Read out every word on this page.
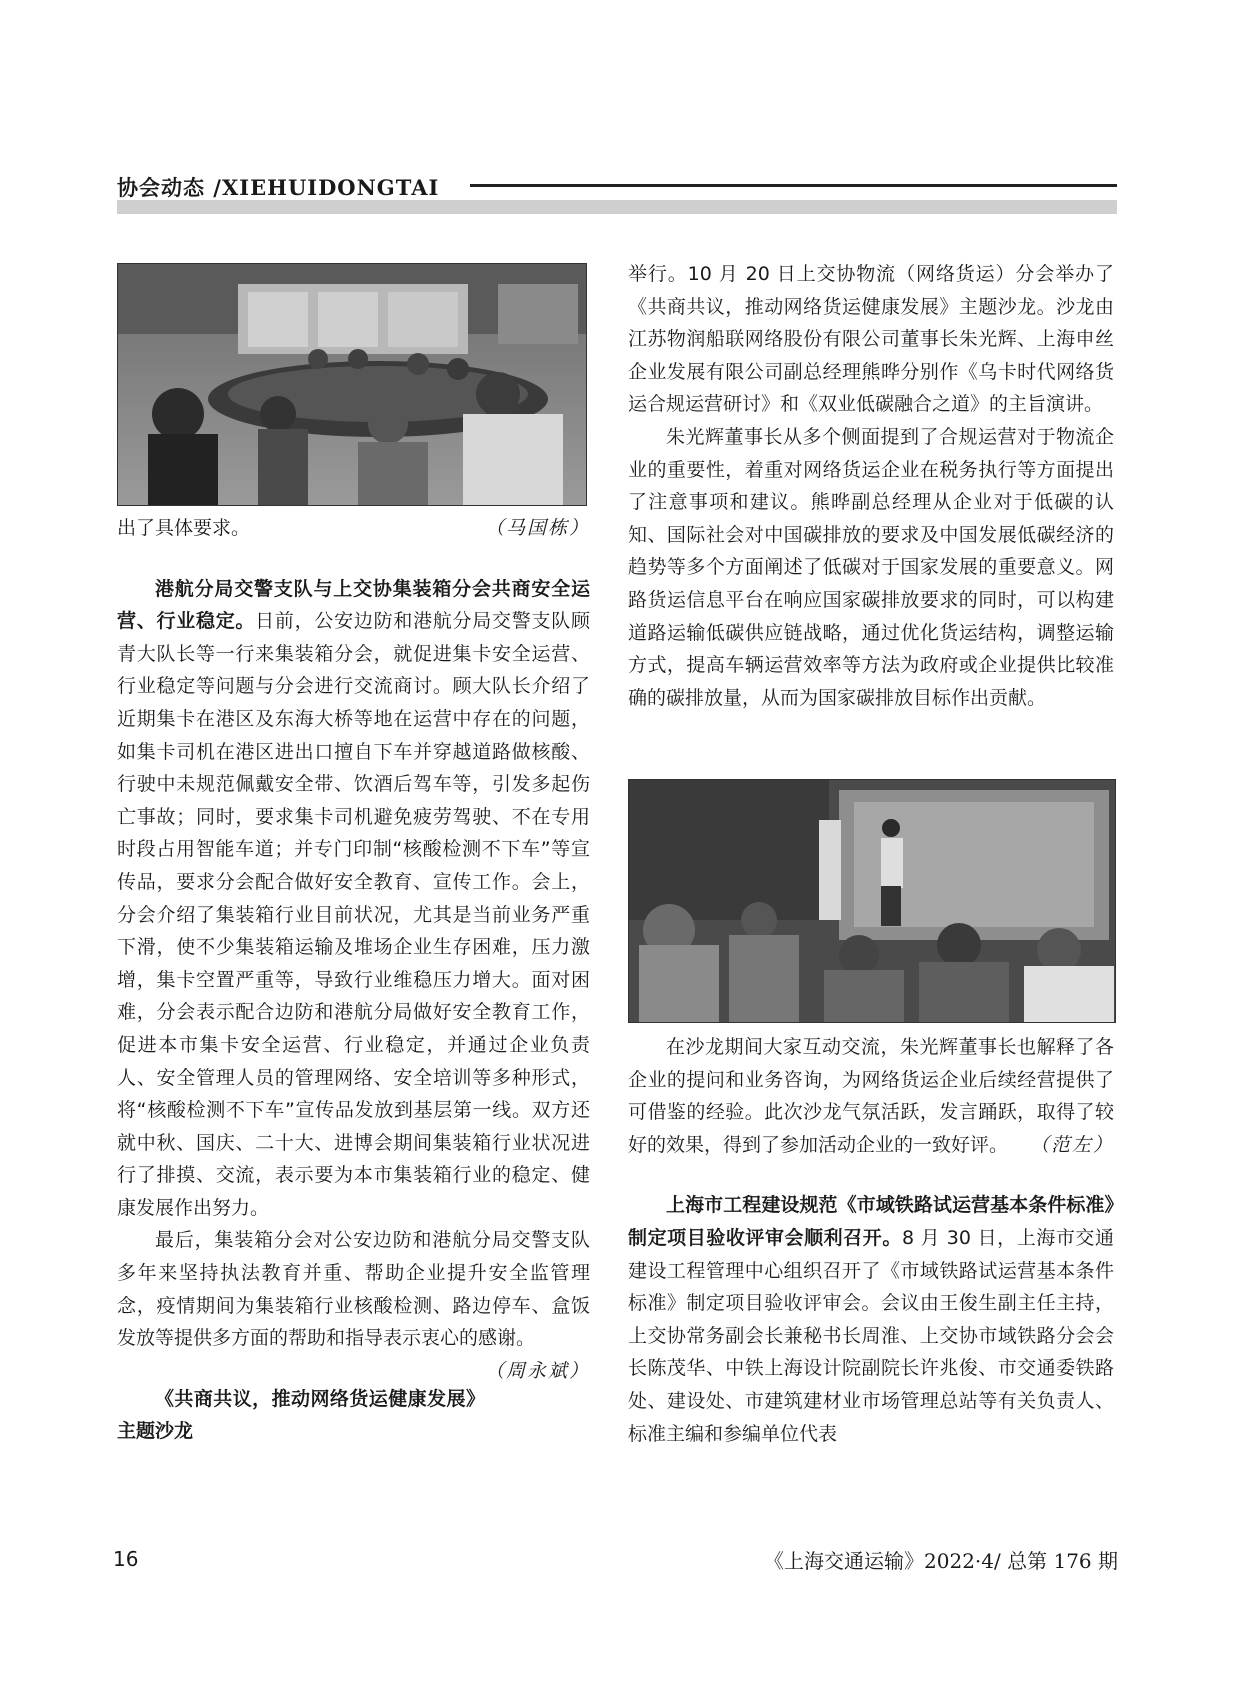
协会动态 /XIEHUIDONGTAI

出了具体要求。	（马国栋）

港航分局交警支队与上交协集装箱分会共商安全运营、行业稳定。日前，公安边防和港航分局交警支队顾青大队长等一行来集装箱分会，就促进集卡安全运营、行业稳定等问题与分会进行交流商讨。顾大队长介绍了近期集卡在港区及东海大桥等地在运营中存在的问题，如集卡司机在港区进出口擅自下车并穿越道路做核酸、行驶中未规范佩戴安全带、饮酒后驾车等，引发多起伤亡事故；同时，要求集卡司机避免疲劳驾驶、不在专用时段占用智能车道；并专门印制“核酸检测不下车”等宣传品，要求分会配合做好安全教育、宣传工作。会上，分会介绍了集装箱行业目前状况，尤其是当前业务严重下滑，使不少集装箱运输及堆场企业生存困难，压力激增，集卡空置严重等，导致行业维稳压力增大。面对困难，分会表示配合边防和港航分局做好安全教育工作，促进本市集卡安全运营、行业稳定，并通过企业负责人、安全管理人员的管理网络、安全培训等多种形式，将“核酸检测不下车”宣传品发放到基层第一线。双方还就中秋、国庆、二十大、进博会期间集装箱行业状况进行了排摸、交流，表示要为本市集装箱行业的稳定、健康发展作出努力。

最后，集装箱分会对公安边防和港航分局交警支队多年来坚持执法教育并重、帮助企业提升安全监管理念，疫情期间为集装箱行业核酸检测、路边停车、盒饭发放等提供多方面的帮助和指导表示衷心的感谢。
（周永斌）

《共商共议，推动网络货运健康发展》主题沙龙

举行。10 月 20 日上交协物流（网络货运）分会举办了《共商共议，推动网络货运健康发展》主题沙龙。沙龙由江苏物润船联网络股份有限公司董事长朱光辉、上海申丝企业发展有限公司副总经理熊晔分别作《乌卡时代网络货运合规运营研讨》和《双业低碳融合之道》的主旨演讲。

朱光辉董事长从多个侧面提到了合规运营对于物流企业的重要性，着重对网络货运企业在税务执行等方面提出了注意事项和建议。熊晔副总经理从企业对于低碳的认知、国际社会对中国碳排放的要求及中国发展低碳经济的趋势等多个方面阐述了低碳对于国家发展的重要意义。网路货运信息平台在响应国家碳排放要求的同时，可以构建道路运输低碳供应链战略，通过优化货运结构，调整运输方式，提高车辆运营效率等方法为政府或企业提供比较准确的碳排放量，从而为国家碳排放目标作出贡献。

在沙龙期间大家互动交流，朱光辉董事长也解释了各企业的提问和业务咨询，为网络货运企业后续经营提供了可借鉴的经验。此次沙龙气氛活跃，发言踊跃，取得了较好的效果，得到了参加活动企业的一致好评。 （范左）

上海市工程建设规范《市域铁路试运营基本条件标准》制定项目验收评审会顺利召开。8 月 30 日，上海市交通建设工程管理中心组织召开了《市域铁路试运营基本条件标准》制定项目验收评审会。会议由王俊生副主任主持，上交协常务副会长兼秘书长周淮、上交协市域铁路分会会长陈茂华、中铁上海设计院副院长许兆俊、市交通委铁路处、建设处、市建筑建材业市场管理总站等有关负责人、标准主编和参编单位代表

16	《上海交通运输》2022·4/ 总第 176 期
